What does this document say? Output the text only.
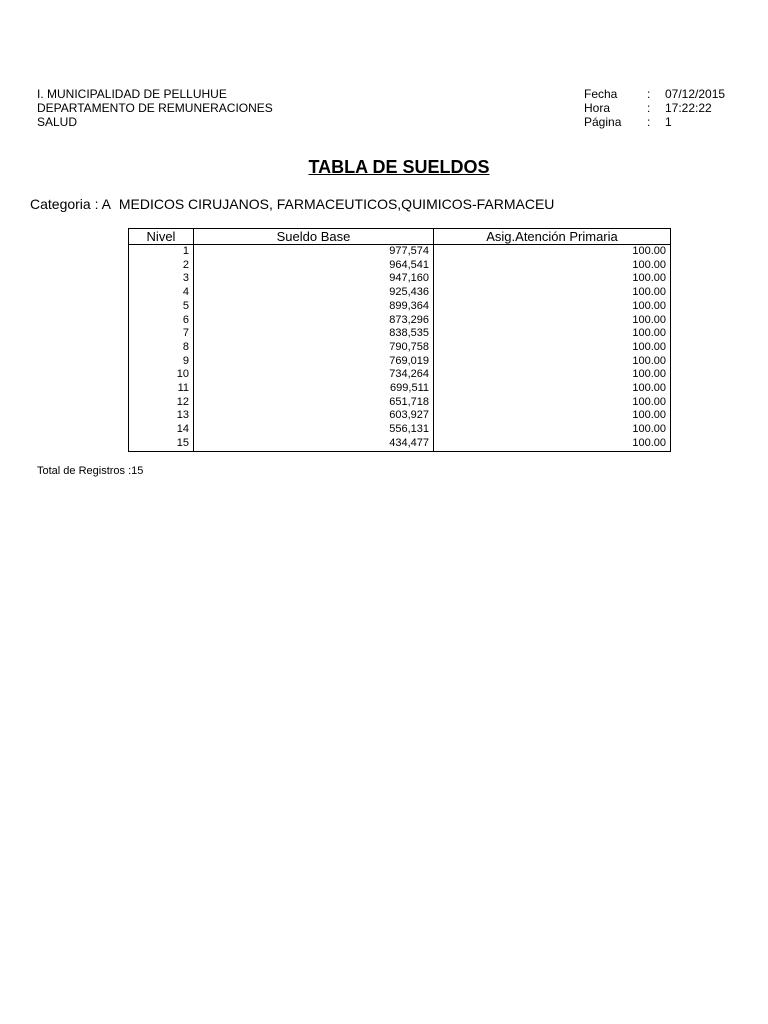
I. MUNICIPALIDAD DE PELLUHUE
DEPARTAMENTO DE REMUNERACIONES
SALUD
Fecha	:	07/12/2015
Hora	:	17:22:22
Página	:	1
TABLA DE SUELDOS
Categoria : A MEDICOS CIRUJANOS, FARMACEUTICOS,QUIMICOS-FARMACEU
Nivel	Sueldo Base	Asig.Atención Primaria
1	977,574	100.00
2	964,541	100.00
3	947,160	100.00
4	925,436	100.00
5	899,364	100.00
6	873,296	100.00
7	838,535	100.00
8	790,758	100.00
9	769,019	100.00
10	734,264	100.00
11	699,511	100.00
12	651,718	100.00
13	603,927	100.00
14	556,131	100.00
15	434,477	100.00
Total de Registros :15
